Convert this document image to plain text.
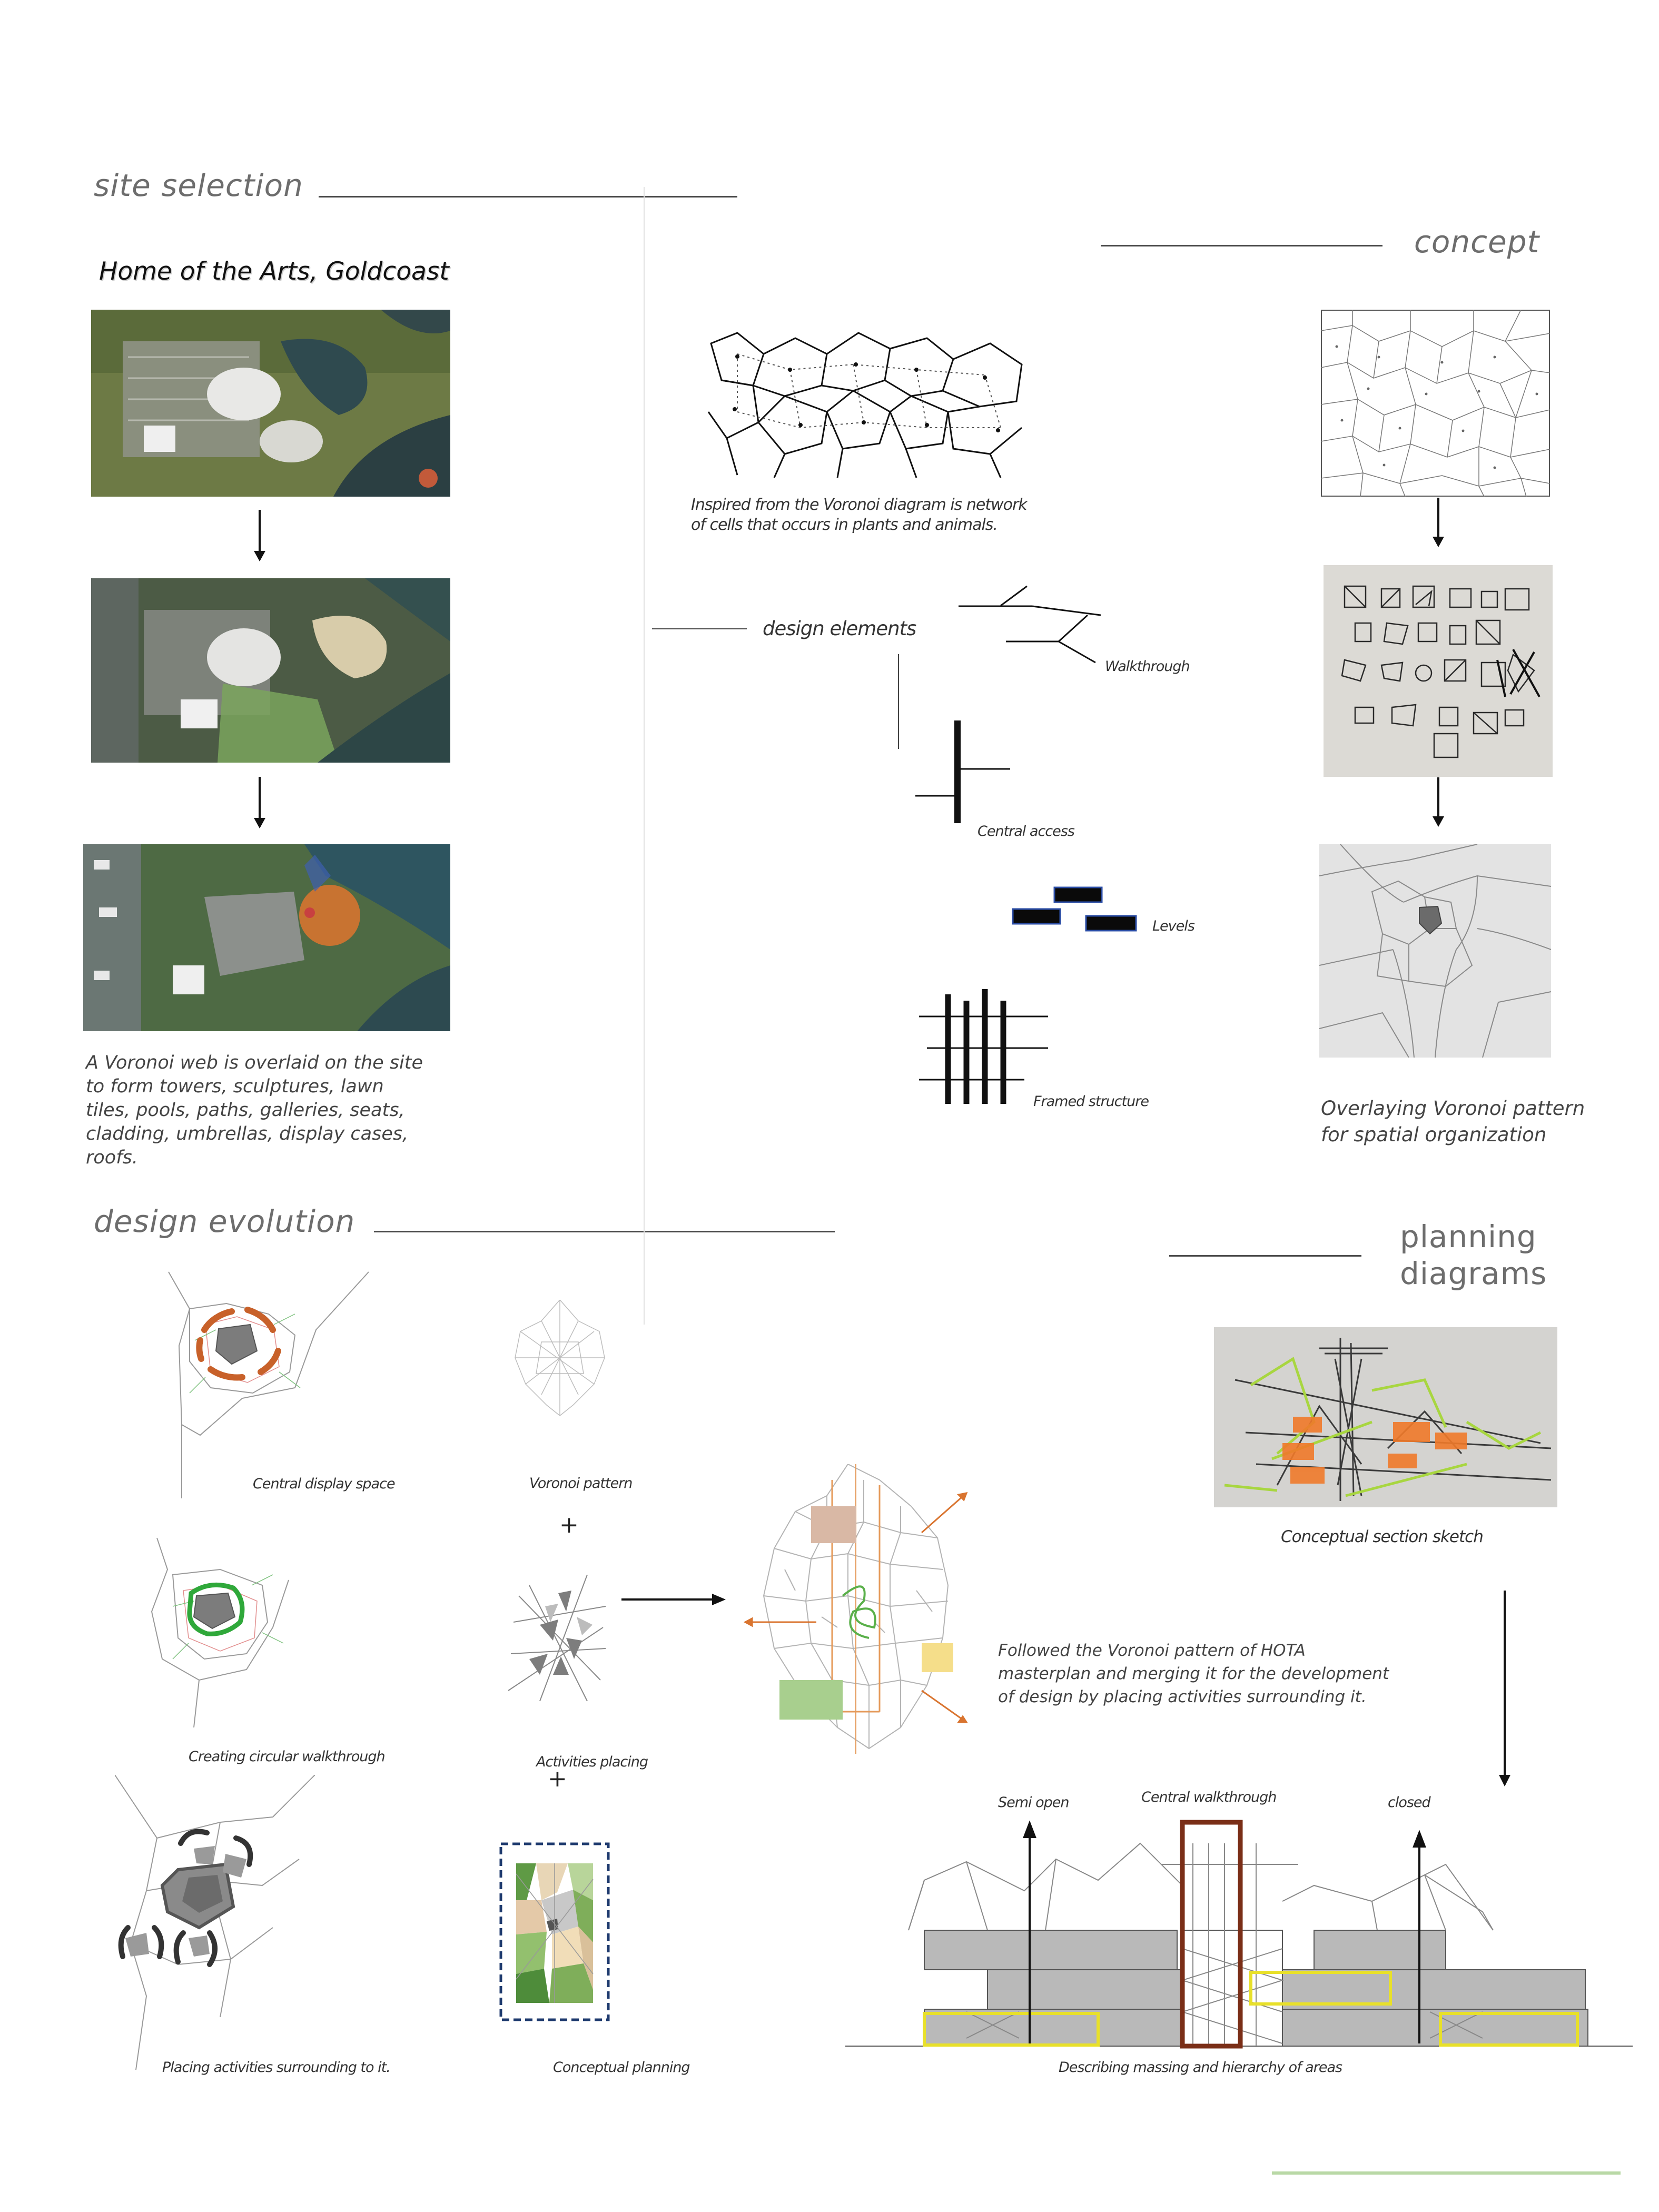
site selection
concept
design evolution	planning
diagrams
Home of the Arts, Goldcoast
A Voronoi web is overlaid on the site
to form towers, sculptures, lawn
tiles, pools, paths, galleries, seats,
cladding, umbrellas, display cases,
roofs.
Inspired from the Voronoi diagram is network
of cells that occurs in plants and animals.
design elements
Walkthrough
Central access
Levels
Framed structure	Overlaying Voronoi pattern
for spatial organization
Central display space	Voronoi pattern
+
Creating circular walkthrough	Activities placing
+
Followed the Voronoi pattern of HOTA
masterplan and merging it for the development
of design by placing activities surrounding it.
Placing activities surrounding to it.	Conceptual planning
Conceptual section sketch
Semi open	Central walkthrough	closed
Describing massing and hierarchy of areas
